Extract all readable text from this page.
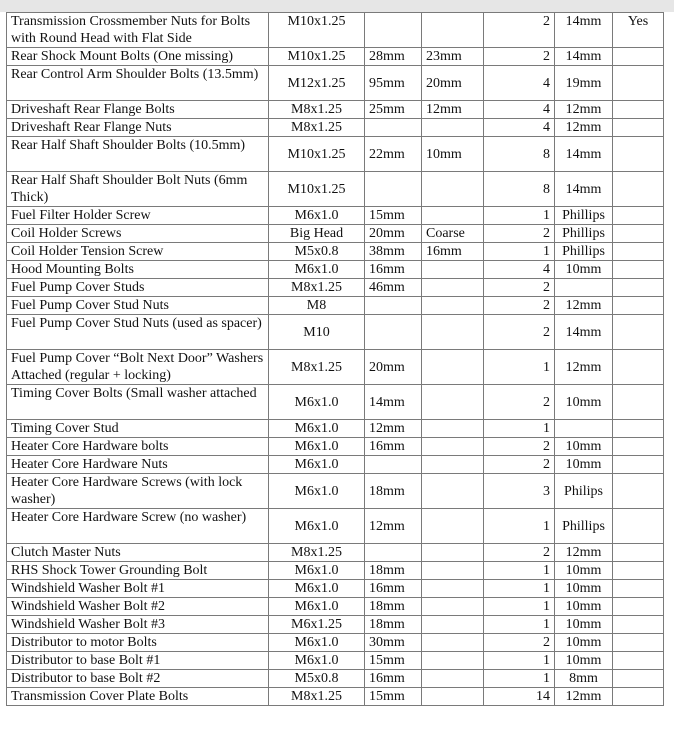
Transmission Crossmember Nuts for Bolts with Round Head with Flat Side	M10x1.25			2	14mm	Yes
Rear Shock Mount Bolts (One missing)	M10x1.25	28mm	23mm	2	14mm	
Rear Control Arm Shoulder Bolts (13.5mm)	M12x1.25	95mm	20mm	4	19mm	
Driveshaft Rear Flange Bolts	M8x1.25	25mm	12mm	4	12mm	
Driveshaft Rear Flange Nuts	M8x1.25			4	12mm	
Rear Half Shaft Shoulder Bolts (10.5mm)	M10x1.25	22mm	10mm	8	14mm	
Rear Half Shaft Shoulder Bolt Nuts (6mm Thick)	M10x1.25			8	14mm	
Fuel Filter Holder Screw	M6x1.0	15mm		1	Phillips	
Coil Holder Screws	Big Head	20mm	Coarse	2	Phillips	
Coil Holder Tension Screw	M5x0.8	38mm	16mm	1	Phillips	
Hood Mounting Bolts	M6x1.0	16mm		4	10mm	
Fuel Pump Cover Studs	M8x1.25	46mm		2		
Fuel Pump Cover Stud Nuts	M8			2	12mm	
Fuel Pump Cover Stud Nuts (used as spacer)	M10			2	14mm	
Fuel Pump Cover “Bolt Next Door” Washers Attached (regular + locking)	M8x1.25	20mm		1	12mm	
Timing Cover Bolts (Small washer attached	M6x1.0	14mm		2	10mm	
Timing Cover Stud	M6x1.0	12mm		1		
Heater Core Hardware bolts	M6x1.0	16mm		2	10mm	
Heater Core Hardware Nuts	M6x1.0			2	10mm	
Heater Core Hardware Screws (with lock washer)	M6x1.0	18mm		3	Philips	
Heater Core Hardware Screw (no washer)	M6x1.0	12mm		1	Phillips	
Clutch Master Nuts	M8x1.25			2	12mm	
RHS Shock Tower Grounding Bolt	M6x1.0	18mm		1	10mm	
Windshield Washer Bolt #1	M6x1.0	16mm		1	10mm	
Windshield Washer Bolt #2	M6x1.0	18mm		1	10mm	
Windshield Washer Bolt #3	M6x1.25	18mm		1	10mm	
Distributor to motor Bolts	M6x1.0	30mm		2	10mm	
Distributor to base Bolt #1	M6x1.0	15mm		1	10mm	
Distributor to base Bolt #2	M5x0.8	16mm		1	8mm	
Transmission Cover Plate Bolts	M8x1.25	15mm		14	12mm	
